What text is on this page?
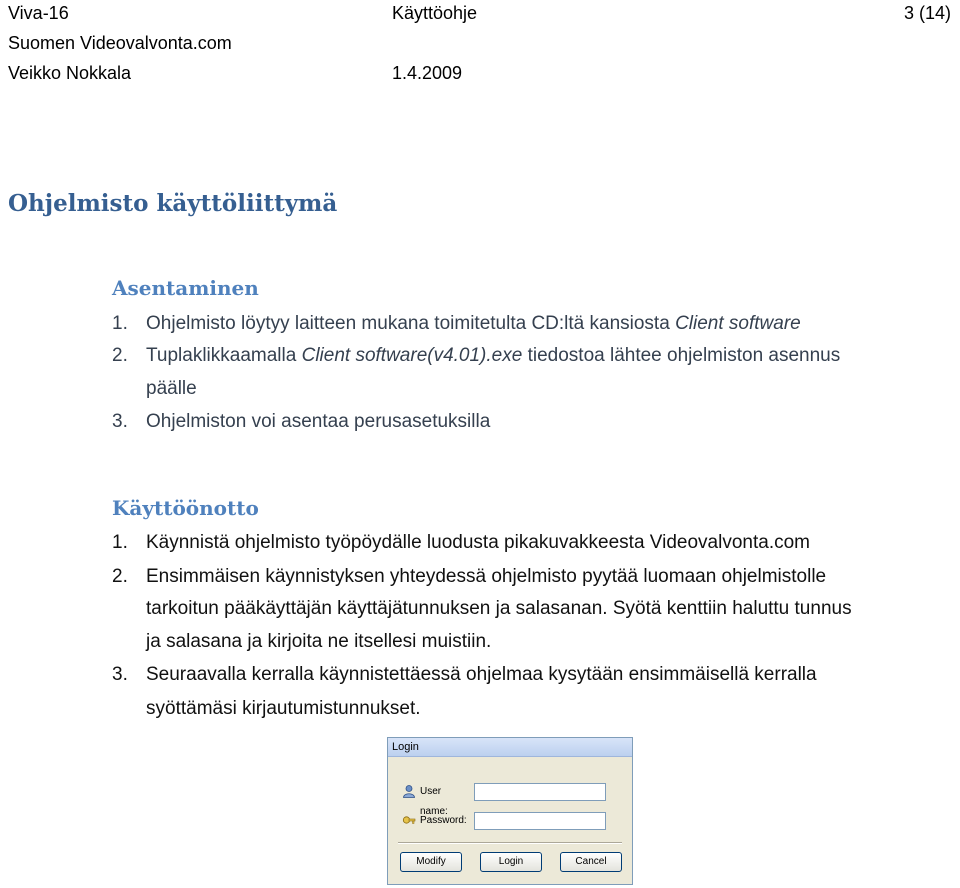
Viva-16	Käyttöohje	3 (14)
Suomen Videovalvonta.com
Veikko Nokkala	1.4.2009
Ohjelmisto käyttöliittymä
Asentaminen
1. Ohjelmisto löytyy laitteen mukana toimitetulta CD:ltä kansiosta Client software
2. Tuplaklikkaamalla Client software(v4.01).exe tiedostoa lähtee ohjelmiston asennus
päälle
3. Ohjelmiston voi asentaa perusasetuksilla
Käyttöönotto
1. Käynnistä ohjelmisto työpöydälle luodusta pikakuvakkeesta Videovalvonta.com
2. Ensimmäisen käynnistyksen yhteydessä ohjelmisto pyytää luomaan ohjelmistolle
tarkoitun pääkäyttäjän käyttäjätunnuksen ja salasanan. Syötä kenttiin haluttu tunnus
ja salasana ja kirjoita ne itsellesi muistiin.
3. Seuraavalla kerralla käynnistettäessä ohjelmaa kysytään ensimmäisellä kerralla
syöttämäsi kirjautumistunnukset.
Login
User name:
Password:
Modify	Login	Cancel
